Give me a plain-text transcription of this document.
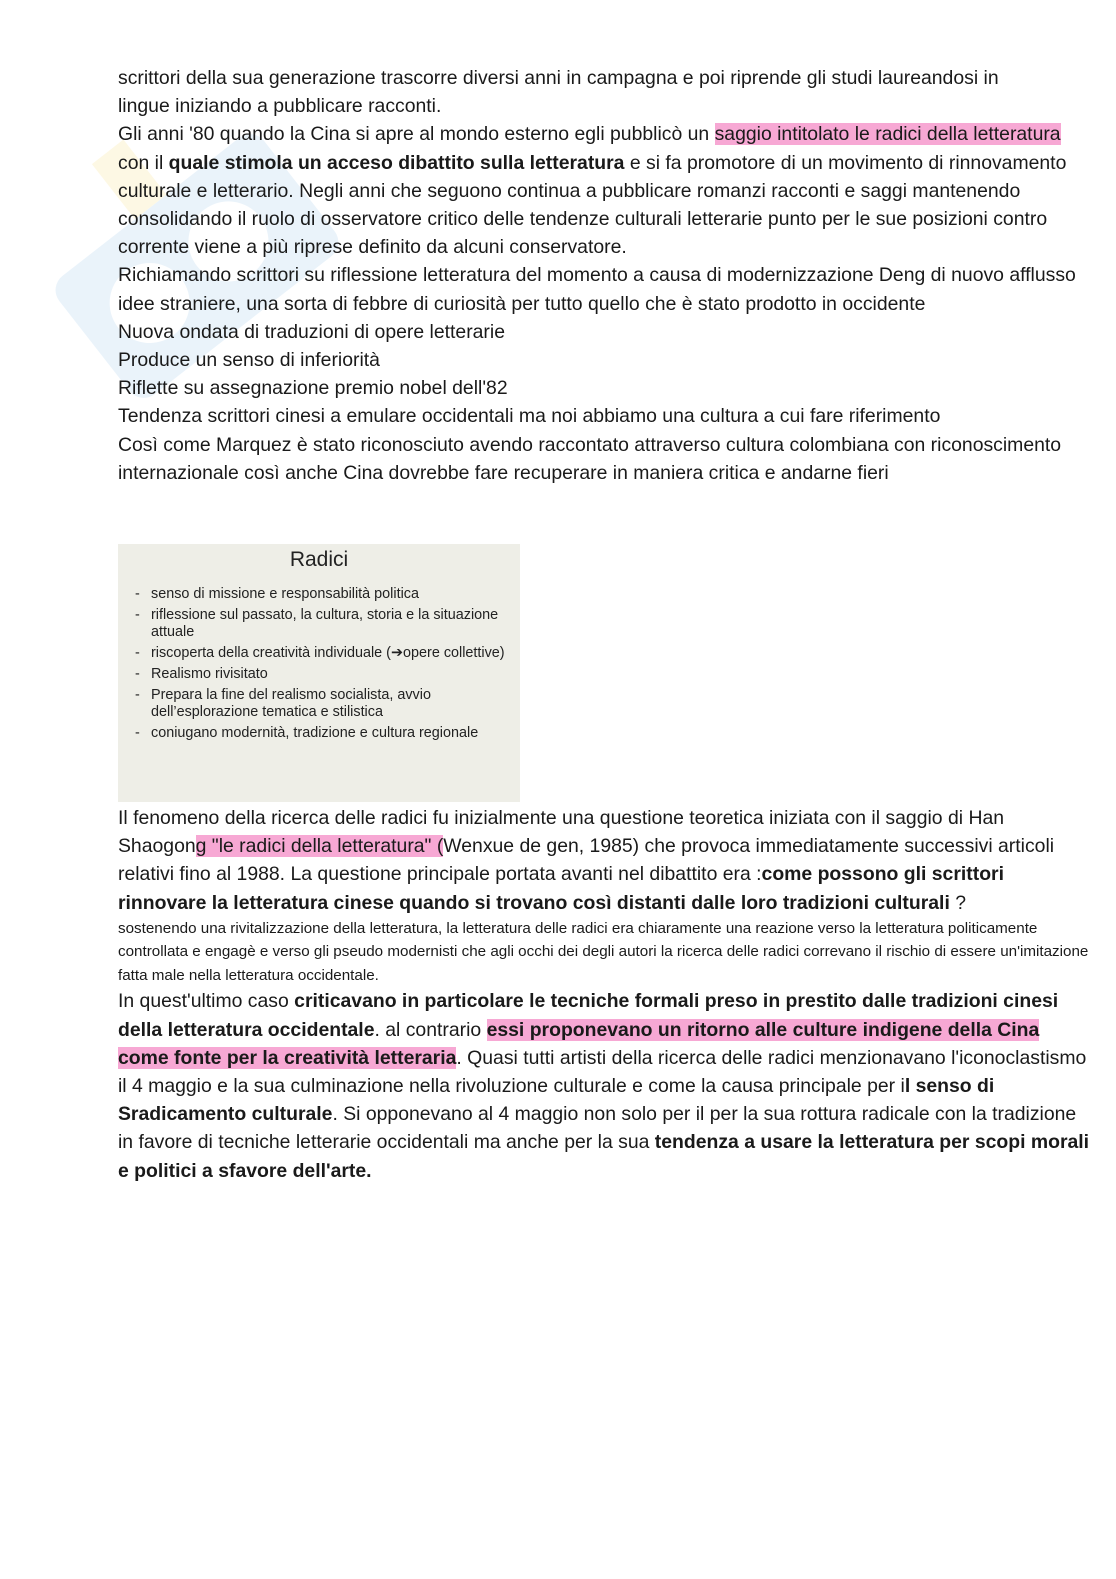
scrittori della sua generazione trascorre diversi anni in campagna e poi riprende gli studi laureandosi in
lingue iniziando a pubblicare racconti.

Gli anni '80 quando la Cina si apre al mondo esterno egli pubblicò un saggio intitolato le radici della letteratura con il quale stimola un acceso dibattito sulla letteratura e si fa promotore di un movimento di rinnovamento culturale e letterario. Negli anni che seguono continua a pubblicare romanzi racconti e saggi mantenendo consolidando il ruolo di osservatore critico delle tendenze culturali letterarie punto per le sue posizioni contro corrente viene a più riprese definito da alcuni conservatore.

Richiamando scrittori su riflessione letteratura del momento a causa di modernizzazione Deng di nuovo afflusso idee straniere, una sorta di febbre di curiosità per tutto quello che è stato prodotto in occidente

Nuova ondata di traduzioni di opere letterarie

Produce un senso di inferiorità

Riflette su assegnazione premio nobel dell'82

Tendenza scrittori cinesi a emulare occidentali ma noi abbiamo una cultura a cui fare riferimento

Così come Marquez è stato riconosciuto avendo raccontato attraverso cultura colombiana con riconoscimento internazionale così anche Cina dovrebbe fare recuperare in maniera critica e andarne fieri

Radici
- senso di missione e responsabilità politica
- riflessione sul passato, la cultura, storia e la situazione attuale
- riscoperta della creatività individuale (➔opere collettive)
- Realismo rivisitato
- Prepara la fine del realismo socialista, avvio dell’esplorazione tematica e stilistica
- coniugano modernità, tradizione e cultura regionale

Il fenomeno della ricerca delle radici fu inizialmente una questione teoretica iniziata con il saggio di Han Shaogong "le radici della letteratura" (Wenxue de gen, 1985) che provoca immediatamente successivi articoli relativi fino al 1988. La questione principale portata avanti nel dibattito era :come possono gli scrittori rinnovare la letteratura cinese quando si trovano così distanti dalle loro tradizioni culturali ?

sostenendo una rivitalizzazione della letteratura, la letteratura delle radici era chiaramente una reazione verso la letteratura politicamente controllata e engagè e verso gli pseudo modernisti che agli occhi dei degli autori la ricerca delle radici correvano il rischio di essere un'imitazione fatta male nella letteratura occidentale.

In quest'ultimo caso criticavano in particolare le tecniche formali preso in prestito dalle tradizioni cinesi della letteratura occidentale. al contrario essi proponevano un ritorno alle culture indigene della Cina come fonte per la creatività letteraria. Quasi tutti artisti della ricerca delle radici menzionavano l'iconoclastismo il 4 maggio e la sua culminazione nella rivoluzione culturale e come la causa principale per il senso di Sradicamento culturale. Si opponevano al 4 maggio non solo per il per la sua rottura radicale con la tradizione in favore di tecniche letterarie occidentali ma anche per la sua tendenza a usare la letteratura per scopi morali e politici a sfavore dell'arte.
